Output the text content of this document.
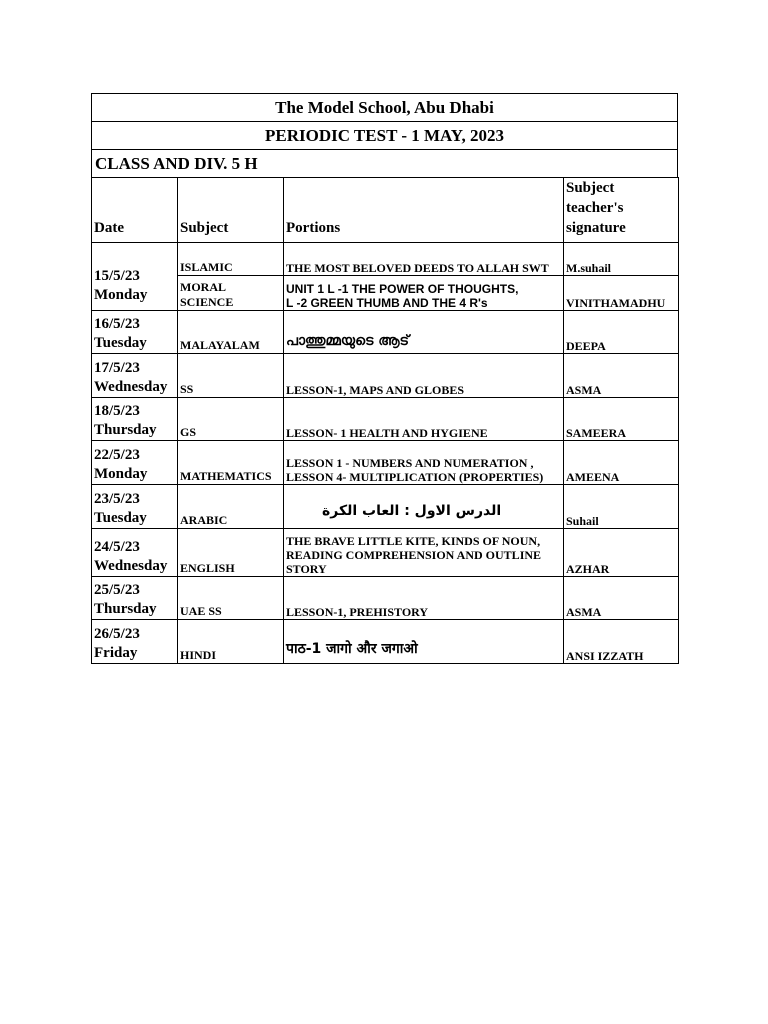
The Model School, Abu Dhabi
PERIODIC TEST - 1 MAY, 2023
CLASS AND DIV. 5 H
Date	Subject	Portions	Subject
teacher's
signature
15/5/23
Monday	ISLAMIC	THE MOST BELOVED DEEDS TO ALLAH SWT	M.suhail
	MORAL
SCIENCE	UNIT 1 L -1 THE POWER OF THOUGHTS,
L -2 GREEN THUMB AND THE 4 R's	VINITHAMADHU
16/5/23
Tuesday	MALAYALAM	പാത്തുമ്മയുടെ ആട്	DEEPA
17/5/23
Wednesday	SS	LESSON-1, MAPS AND GLOBES	ASMA
18/5/23
Thursday	GS	LESSON- 1 HEALTH AND HYGIENE	SAMEERA
22/5/23
Monday	MATHEMATICS	LESSON 1 - NUMBERS AND NUMERATION ,
LESSON 4- MULTIPLICATION (PROPERTIES)	AMEENA
23/5/23
Tuesday	ARABIC	الدرس الاول : العاب الكرة	Suhail
24/5/23
Wednesday	ENGLISH	THE BRAVE LITTLE KITE, KINDS OF NOUN,
READING COMPREHENSION AND OUTLINE
STORY	AZHAR
25/5/23
Thursday	UAE SS	LESSON-1, PREHISTORY	ASMA
26/5/23
Friday	HINDI	पाठ-1 जागो और जगाओ	ANSI IZZATH
